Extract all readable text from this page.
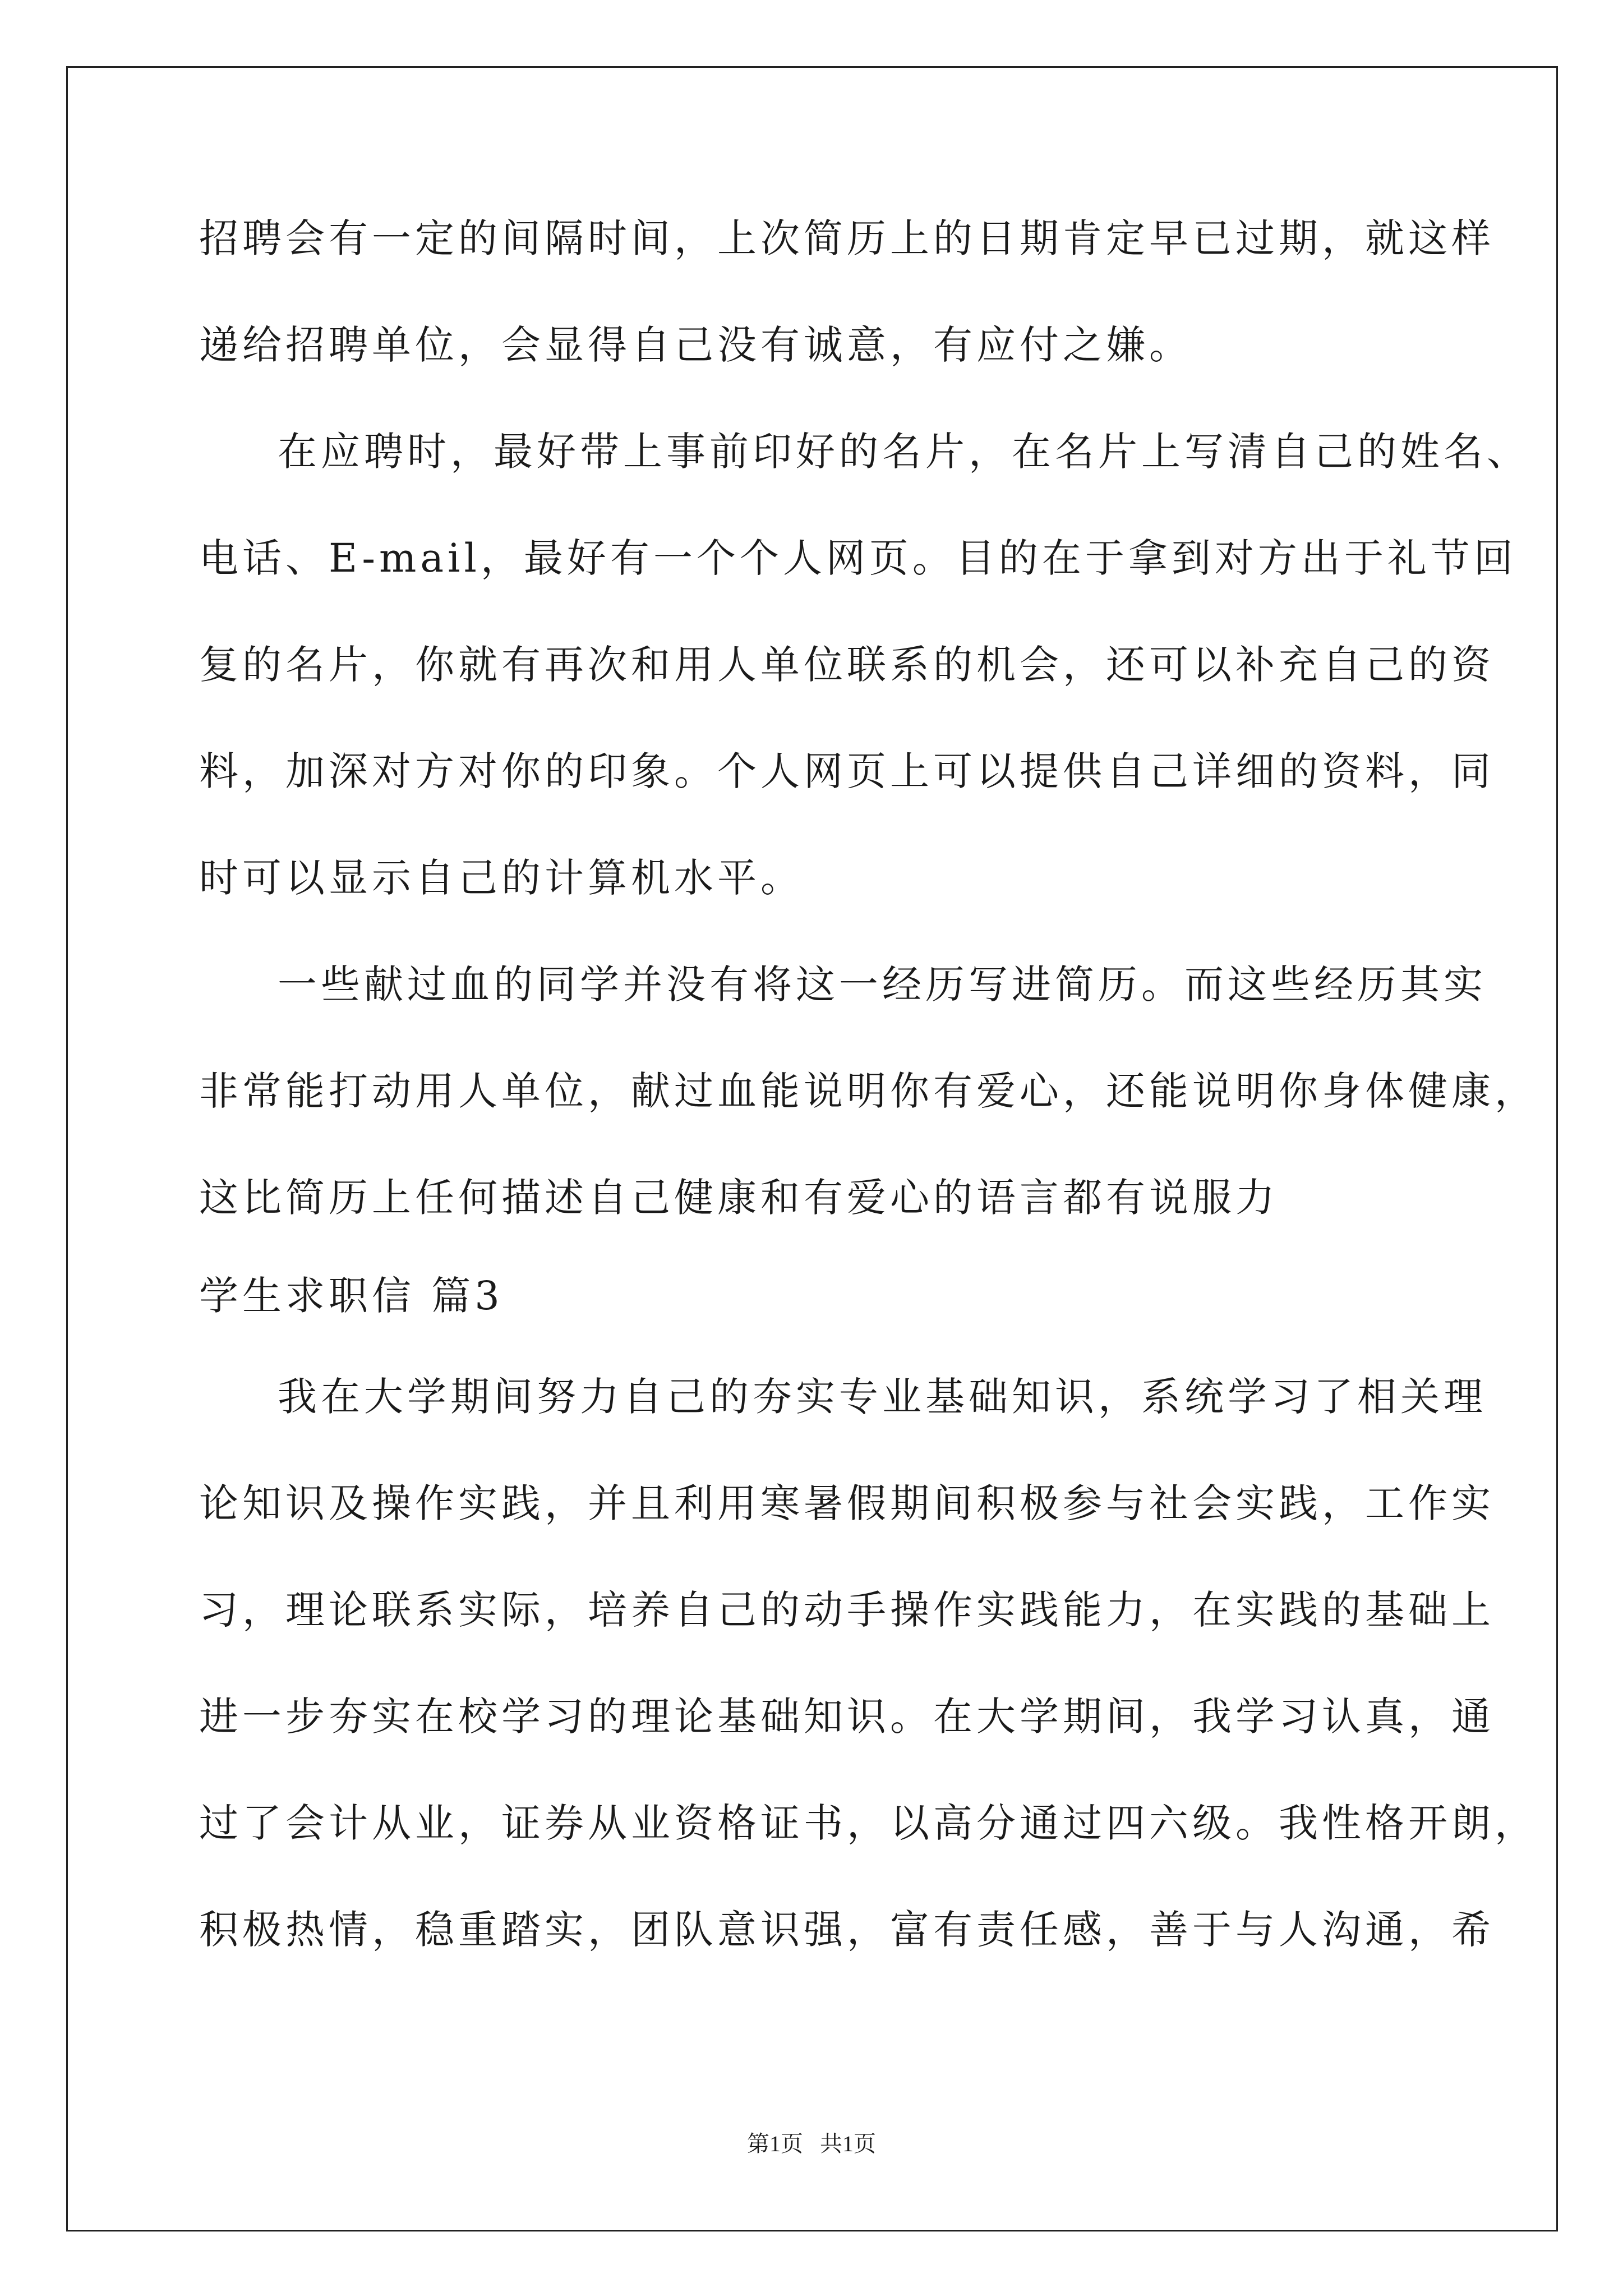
招聘会有一定的间隔时间，上次简历上的日期肯定早已过期，就这样

递给招聘单位，会显得自己没有诚意，有应付之嫌。

在应聘时，最好带上事前印好的名片，在名片上写清自己的姓名、

电话、E-mail，最好有一个个人网页。目的在于拿到对方出于礼节回

复的名片，你就有再次和用人单位联系的机会，还可以补充自己的资

料，加深对方对你的印象。个人网页上可以提供自己详细的资料，同

时可以显示自己的计算机水平。

一些献过血的同学并没有将这一经历写进简历。而这些经历其实

非常能打动用人单位，献过血能说明你有爱心，还能说明你身体健康，

这比简历上任何描述自己健康和有爱心的语言都有说服力

学生求职信 篇3

我在大学期间努力自己的夯实专业基础知识，系统学习了相关理

论知识及操作实践，并且利用寒暑假期间积极参与社会实践，工作实

习，理论联系实际，培养自己的动手操作实践能力，在实践的基础上

进一步夯实在校学习的理论基础知识。在大学期间，我学习认真，通

过了会计从业，证券从业资格证书，以高分通过四六级。我性格开朗，

积极热情，稳重踏实，团队意识强，富有责任感，善于与人沟通，希

第1页   共1页
